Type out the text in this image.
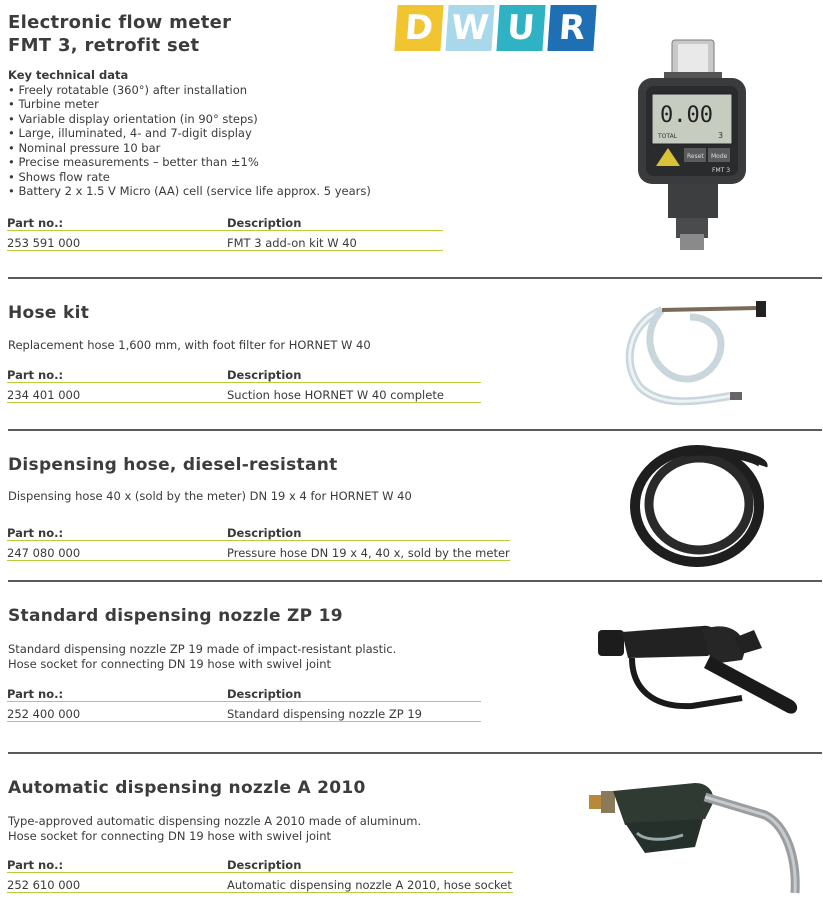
D W U R
Electronic flow meter
FMT 3, retrofit set
Key technical data
• Freely rotatable (360°) after installation
• Turbine meter
• Variable display orientation (in 90° steps)
• Large, illuminated, 4- and 7-digit display
• Nominal pressure 10 bar
• Precise measurements – better than ±1%
• Shows flow rate
• Battery 2 x 1.5 V Micro (AA) cell (service life approx. 5 years)
Part no.:	Description
253 591 000	FMT 3 add-on kit W 40
0.00
TOTAL	3
Reset Mode
FMT 3
Hose kit
Replacement hose 1,600 mm, with foot filter for HORNET W 40
Part no.:	Description
234 401 000	Suction hose HORNET W 40 complete
Dispensing hose, diesel-resistant
Dispensing hose 40 x (sold by the meter) DN 19 x 4 for HORNET W 40
Part no.:	Description
247 080 000	Pressure hose DN 19 x 4, 40 x, sold by the meter
Standard dispensing nozzle ZP 19
Standard dispensing nozzle ZP 19 made of impact-resistant plastic.
Hose socket for connecting DN 19 hose with swivel joint
Part no.:	Description
252 400 000	Standard dispensing nozzle ZP 19
Automatic dispensing nozzle A 2010
Type-approved automatic dispensing nozzle A 2010 made of aluminum.
Hose socket for connecting DN 19 hose with swivel joint
Part no.:	Description
252 610 000	Automatic dispensing nozzle A 2010, hose socket
